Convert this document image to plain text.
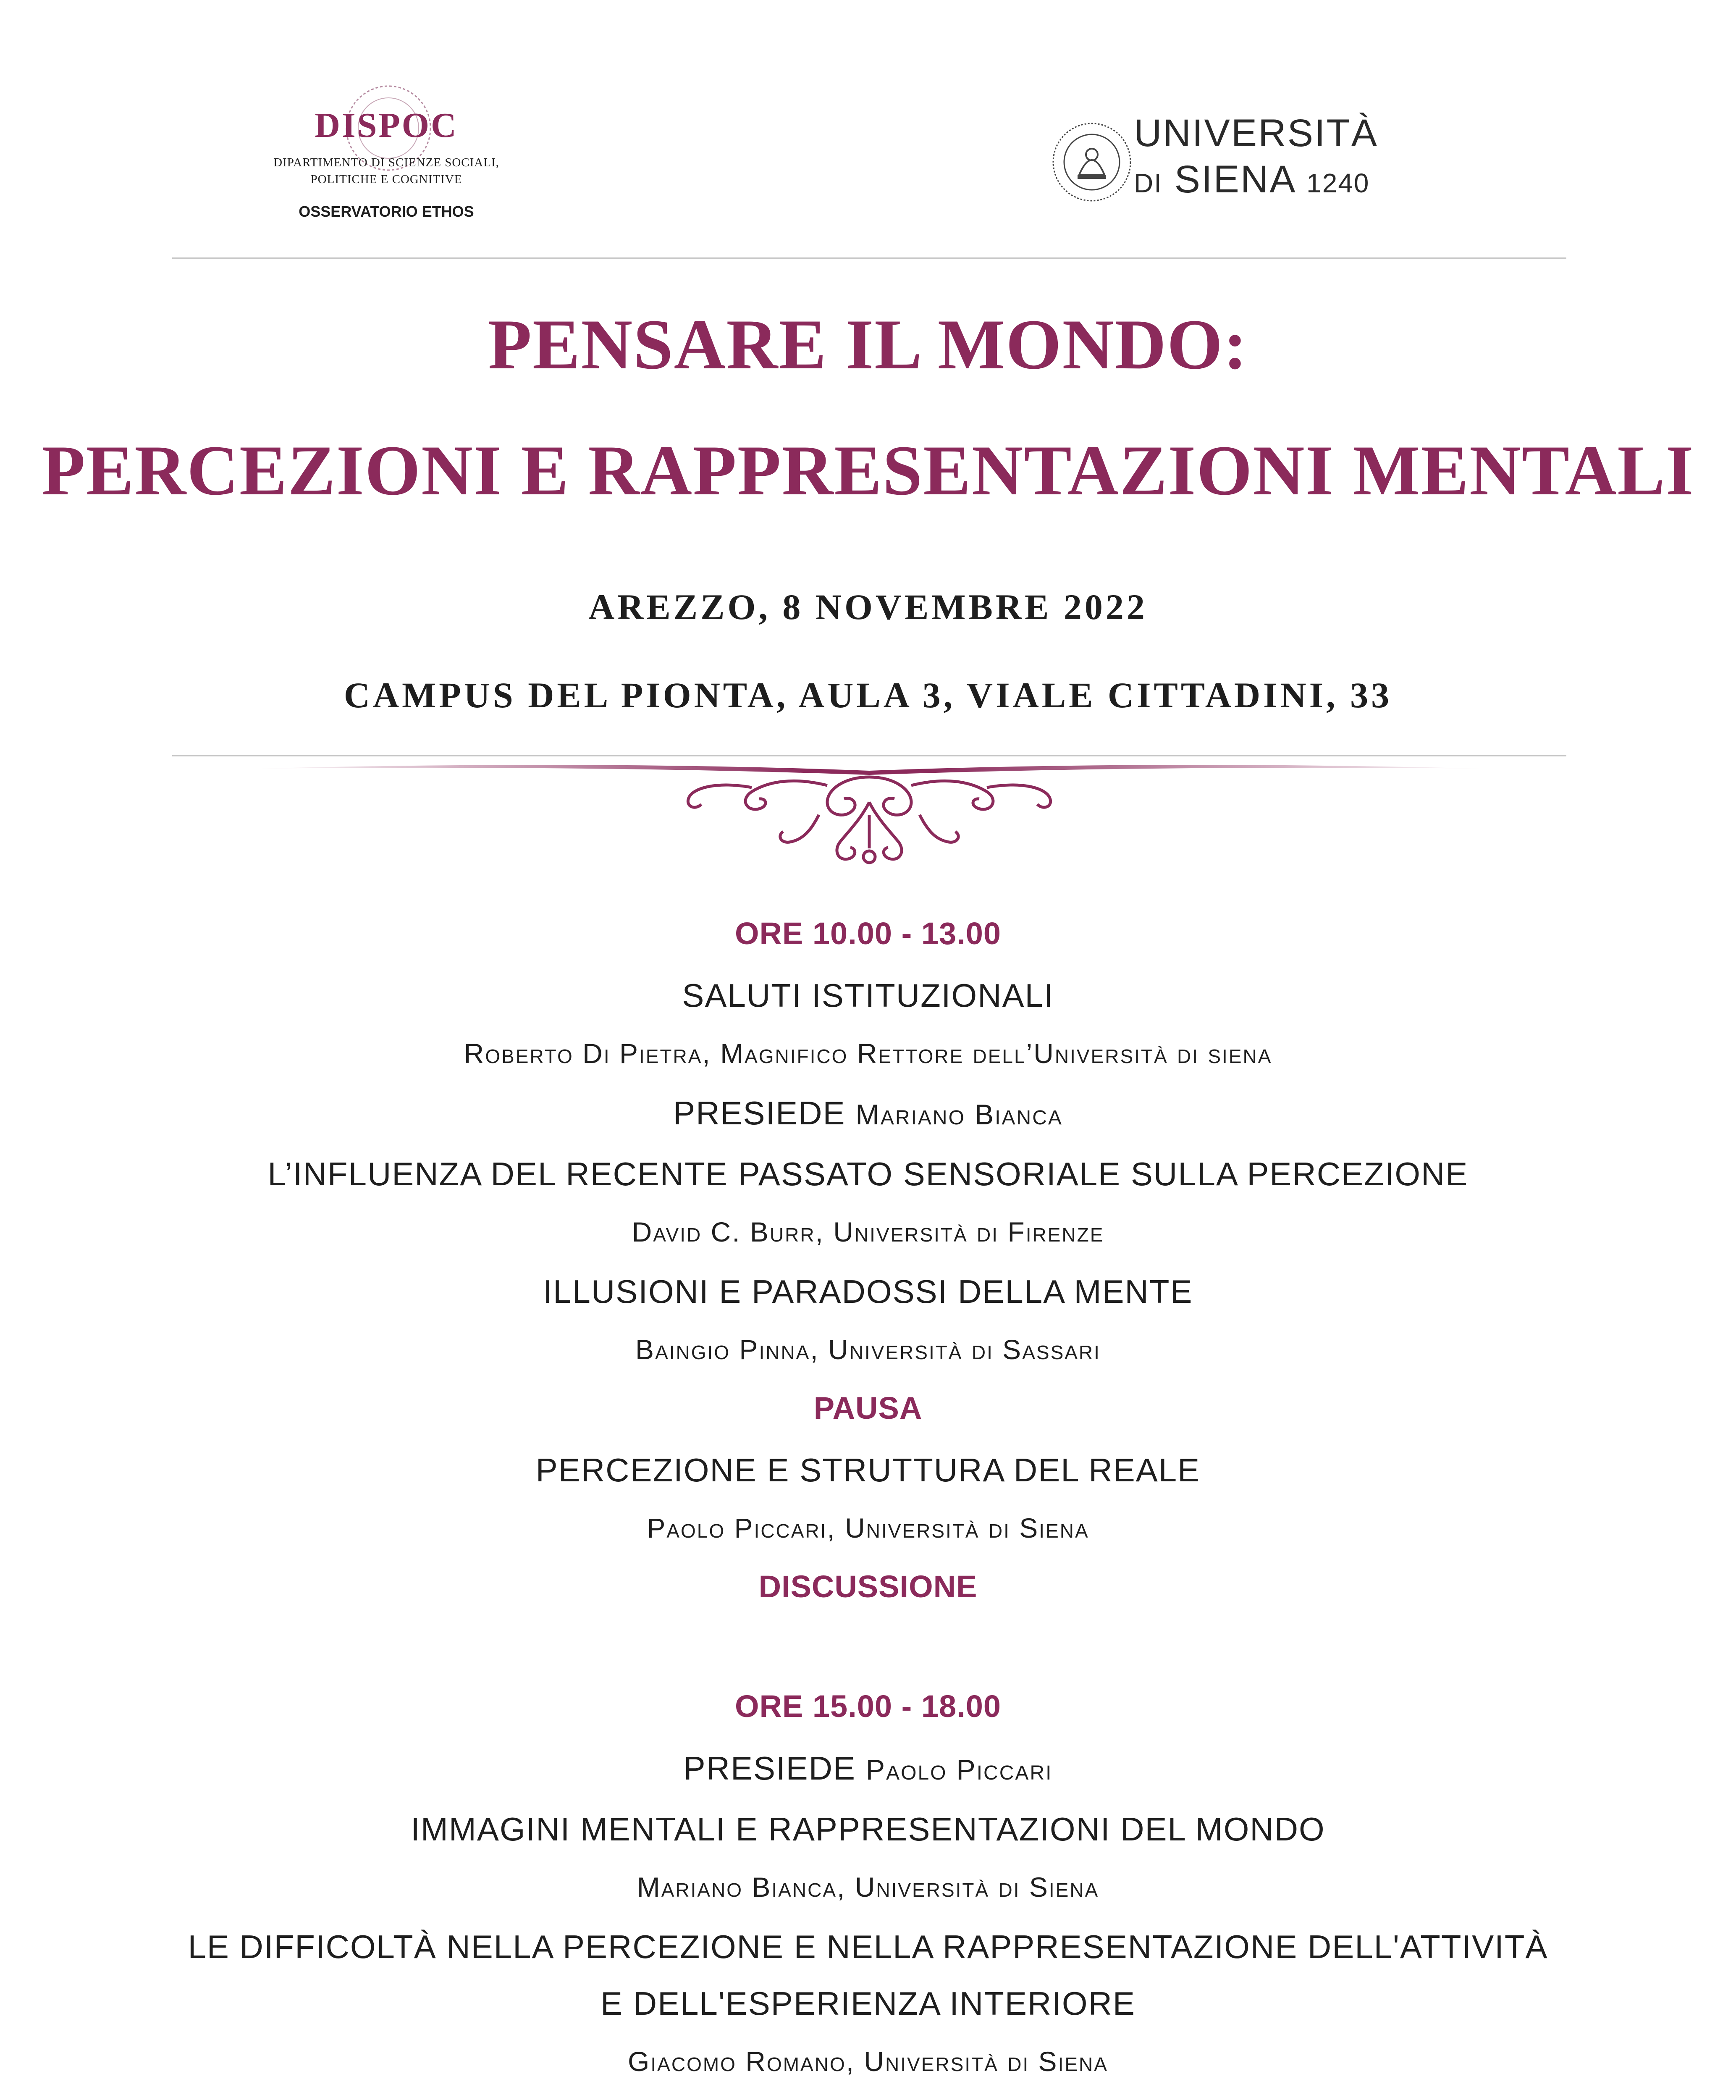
DISPOC
DIPARTIMENTO DI SCIENZE SOCIALI,
POLITICHE E COGNITIVE
OSSERVATORIO ETHOS
UNIVERSITÀ
DI SIENA 1240
PENSARE IL MONDO:
PERCEZIONI E RAPPRESENTAZIONI MENTALI
AREZZO, 8 NOVEMBRE 2022
CAMPUS DEL PIONTA, AULA 3, VIALE CITTADINI, 33
ORE 10.00 - 13.00
SALUTI ISTITUZIONALI
Roberto Di Pietra, Magnifico Rettore dell’Università di siena
PRESIEDE Mariano Bianca
L’INFLUENZA DEL RECENTE PASSATO SENSORIALE SULLA PERCEZIONE
David C. Burr, Università di Firenze
ILLUSIONI E PARADOSSI DELLA MENTE
Baingio Pinna, Università di Sassari
PAUSA
PERCEZIONE E STRUTTURA DEL REALE
Paolo Piccari, Università di Siena
DISCUSSIONE
ORE 15.00 - 18.00
PRESIEDE Paolo Piccari
IMMAGINI MENTALI E RAPPRESENTAZIONI DEL MONDO
Mariano Bianca, Università di Siena
LE DIFFICOLTÀ NELLA PERCEZIONE E NELLA RAPPRESENTAZIONE DELL'ATTIVITÀ
E DELL'ESPERIENZA INTERIORE
Giacomo Romano, Università di Siena
